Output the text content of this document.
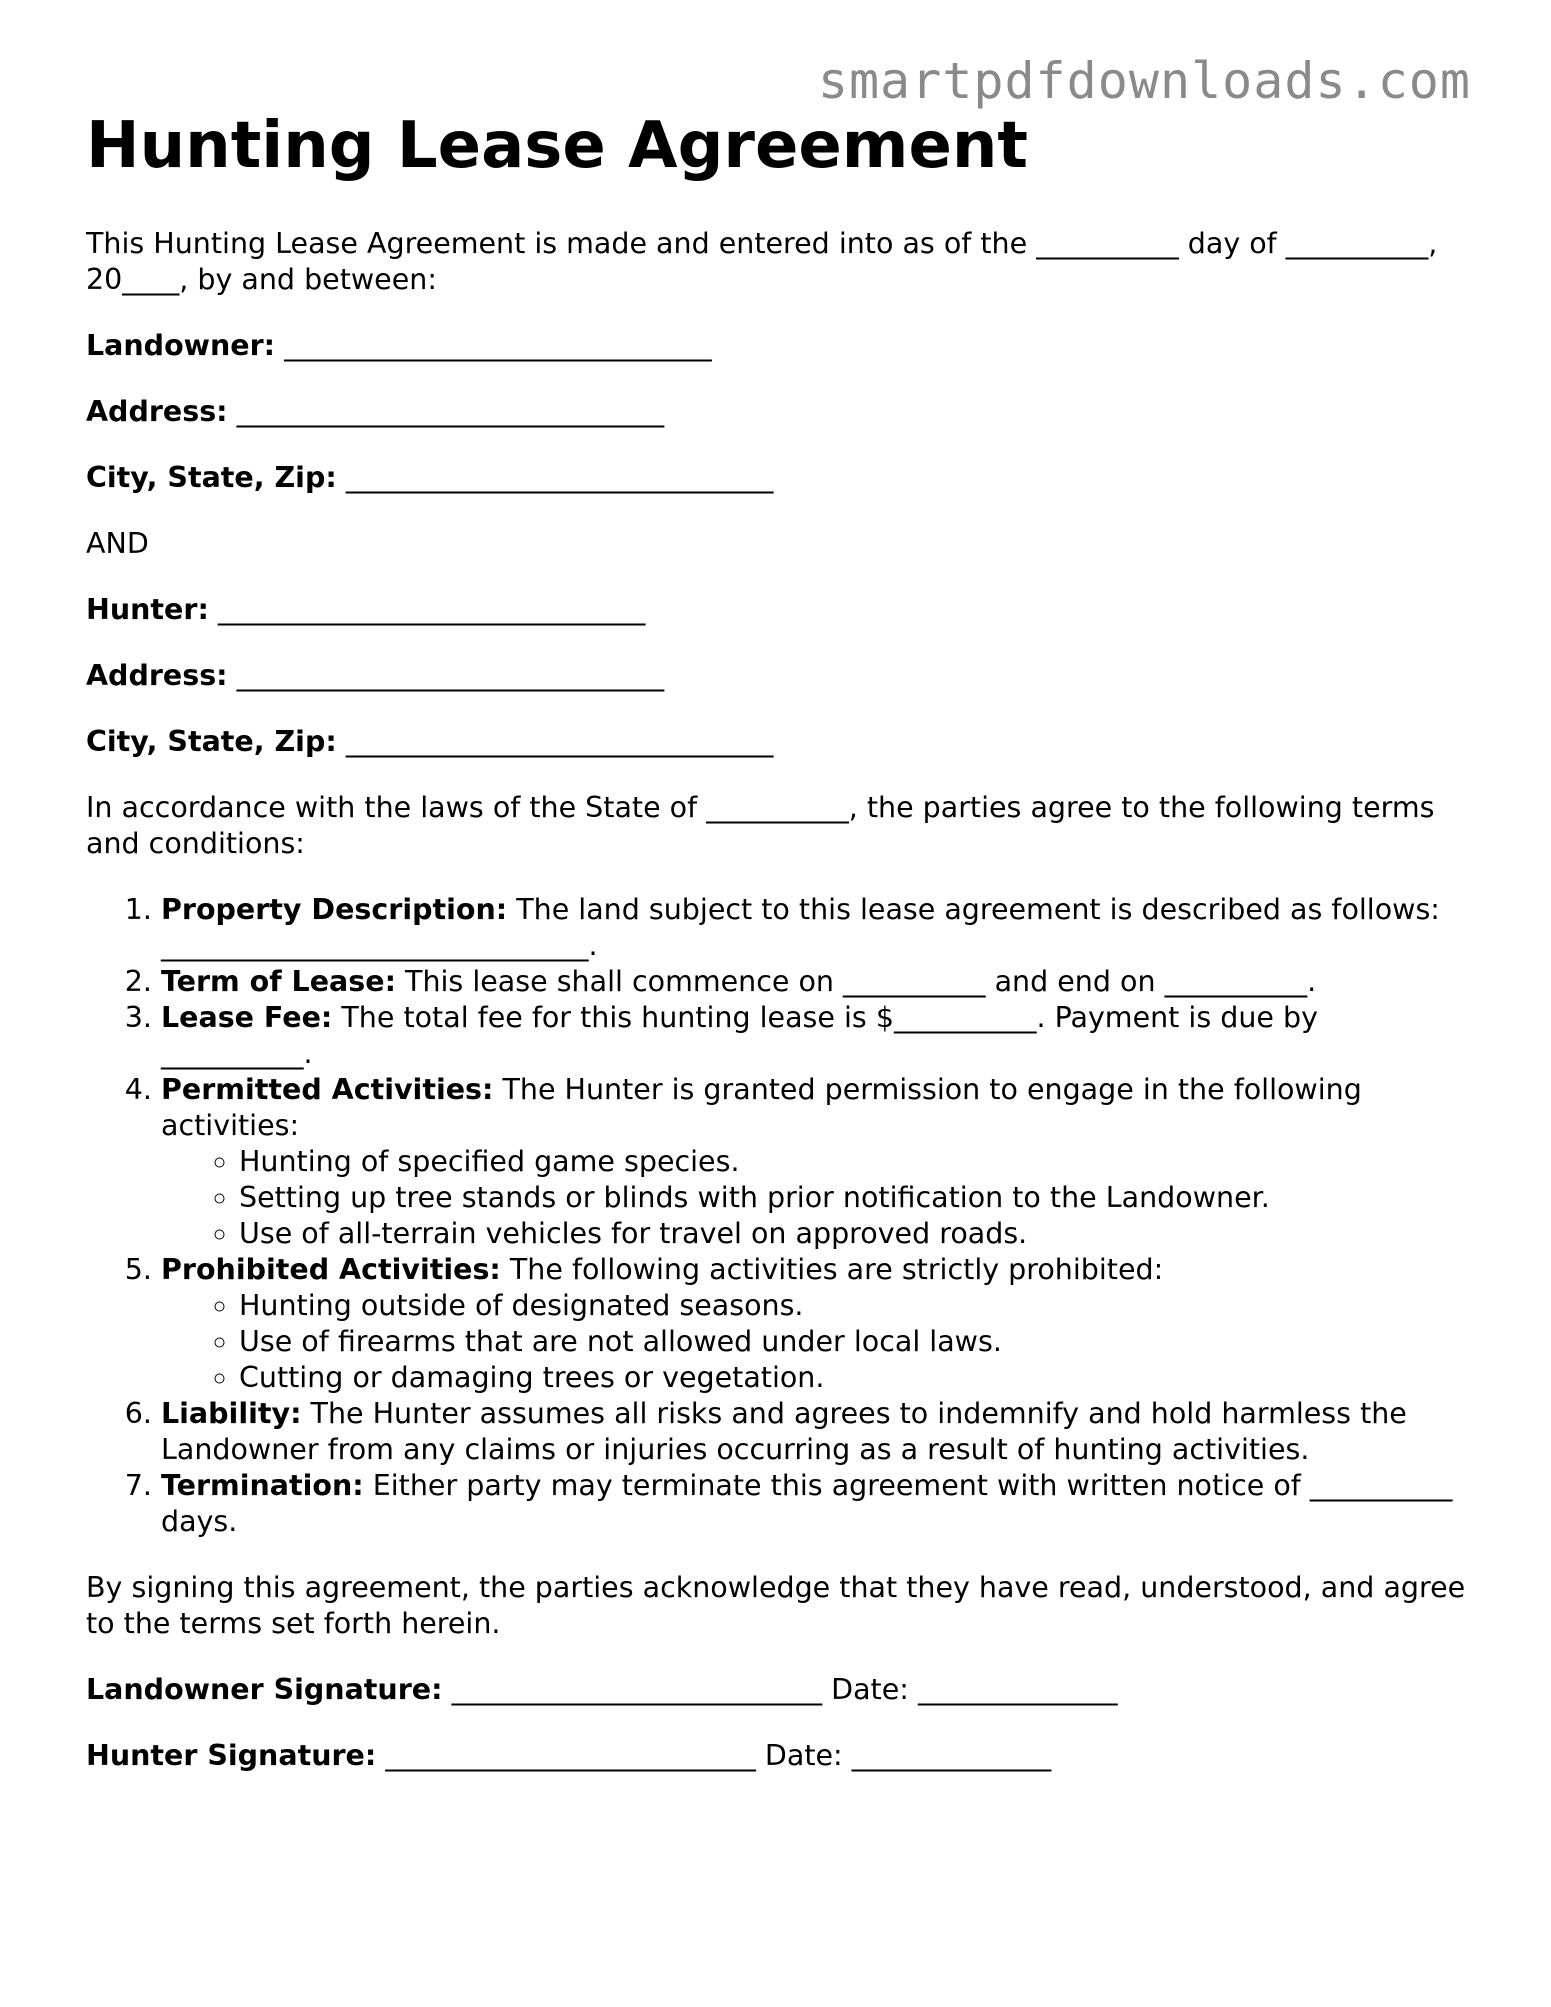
smartpdfdownloads.com
Hunting Lease Agreement

This Hunting Lease Agreement is made and entered into as of the __________ day of __________, 20____, by and between:

Landowner: ______________________________

Address: ______________________________

City, State, Zip: ______________________________

AND

Hunter: ______________________________

Address: ______________________________

City, State, Zip: ______________________________

In accordance with the laws of the State of __________, the parties agree to the following terms and conditions:

1. Property Description: The land subject to this lease agreement is described as follows: ______________________________.
2. Term of Lease: This lease shall commence on __________ and end on __________.
3. Lease Fee: The total fee for this hunting lease is $__________. Payment is due by __________.
4. Permitted Activities: The Hunter is granted permission to engage in the following activities:
◦ Hunting of specified game species.
◦ Setting up tree stands or blinds with prior notification to the Landowner.
◦ Use of all-terrain vehicles for travel on approved roads.
5. Prohibited Activities: The following activities are strictly prohibited:
◦ Hunting outside of designated seasons.
◦ Use of firearms that are not allowed under local laws.
◦ Cutting or damaging trees or vegetation.
6. Liability: The Hunter assumes all risks and agrees to indemnify and hold harmless the Landowner from any claims or injuries occurring as a result of hunting activities.
7. Termination: Either party may terminate this agreement with written notice of __________ days.

By signing this agreement, the parties acknowledge that they have read, understood, and agree to the terms set forth herein.

Landowner Signature: __________________________ Date: ______________

Hunter Signature: __________________________ Date: ______________
